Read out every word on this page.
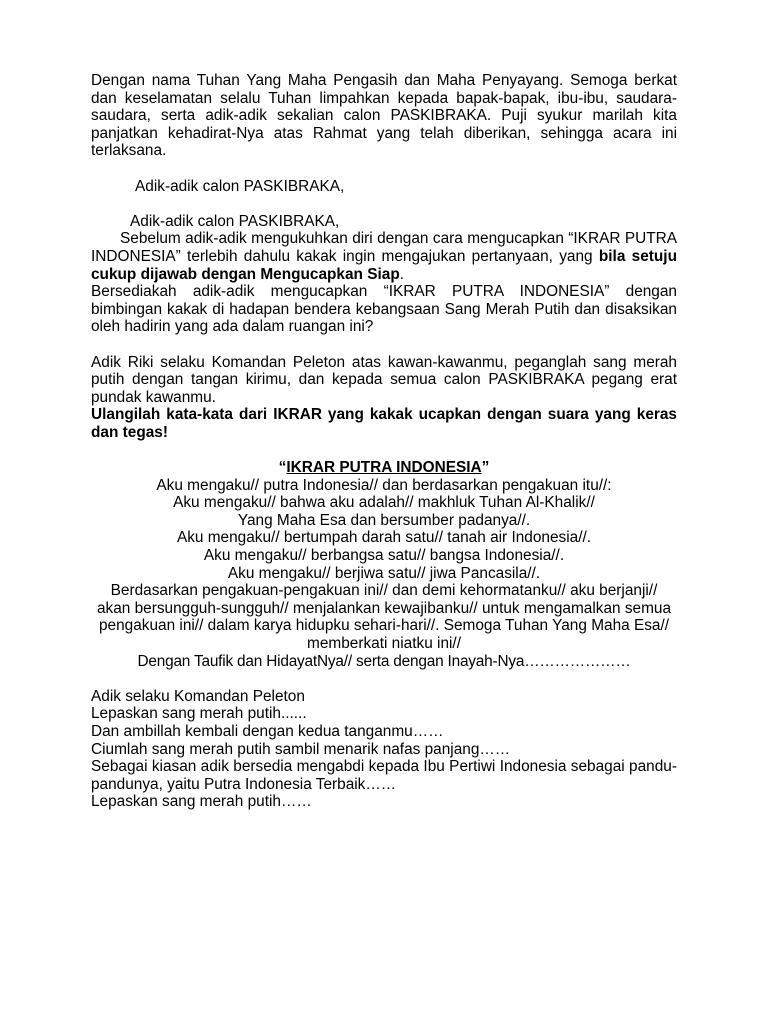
Dengan nama Tuhan Yang Maha Pengasih dan Maha Penyayang. Semoga berkat dan keselamatan selalu Tuhan limpahkan kepada bapak-bapak, ibu-ibu, saudara-saudara, serta adik-adik sekalian calon PASKIBRAKA. Puji syukur marilah kita panjatkan kehadirat-Nya atas Rahmat yang telah diberikan, sehingga acara ini terlaksana.

Adik-adik calon PASKIBRAKA,

Adik-adik calon PASKIBRAKA,

Sebelum adik-adik mengukuhkan diri dengan cara mengucapkan “IKRAR PUTRA INDONESIA” terlebih dahulu kakak ingin mengajukan pertanyaan, yang bila setuju cukup dijawab dengan Mengucapkan Siap.

Bersediakah adik-adik mengucapkan “IKRAR PUTRA INDONESIA” dengan bimbingan kakak di hadapan bendera kebangsaan Sang Merah Putih dan disaksikan oleh hadirin yang ada dalam ruangan ini?

Adik Riki selaku Komandan Peleton atas kawan-kawanmu, peganglah sang merah putih dengan tangan kirimu, dan kepada semua calon PASKIBRAKA pegang erat pundak kawanmu.

Ulangilah kata-kata dari IKRAR yang kakak ucapkan dengan suara yang keras dan tegas!

“IKRAR PUTRA INDONESIA”

Aku mengaku// putra Indonesia// dan berdasarkan pengakuan itu//:

Aku mengaku// bahwa aku adalah// makhluk Tuhan Al-Khalik//

Yang Maha Esa dan bersumber padanya//.

Aku mengaku// bertumpah darah satu// tanah air Indonesia//.

Aku mengaku// berbangsa satu// bangsa Indonesia//.

Aku mengaku// berjiwa satu// jiwa Pancasila//.

Berdasarkan pengakuan-pengakuan ini// dan demi kehormatanku// aku berjanji//

akan bersungguh-sungguh// menjalankan kewajibanku// untuk mengamalkan semua pengakuan ini// dalam karya hidupku sehari-hari//. Semoga Tuhan Yang Maha Esa// memberkati niatku ini//

Dengan Taufik dan HidayatNya// serta dengan Inayah-Nya…………………

Adik selaku Komandan Peleton

Lepaskan sang merah putih......

Dan ambillah kembali dengan kedua tanganmu……

Ciumlah sang merah putih sambil menarik nafas panjang……

Sebagai kiasan adik bersedia mengabdi kepada Ibu Pertiwi Indonesia sebagai pandu-pandunya, yaitu Putra Indonesia Terbaik……

Lepaskan sang merah putih……
